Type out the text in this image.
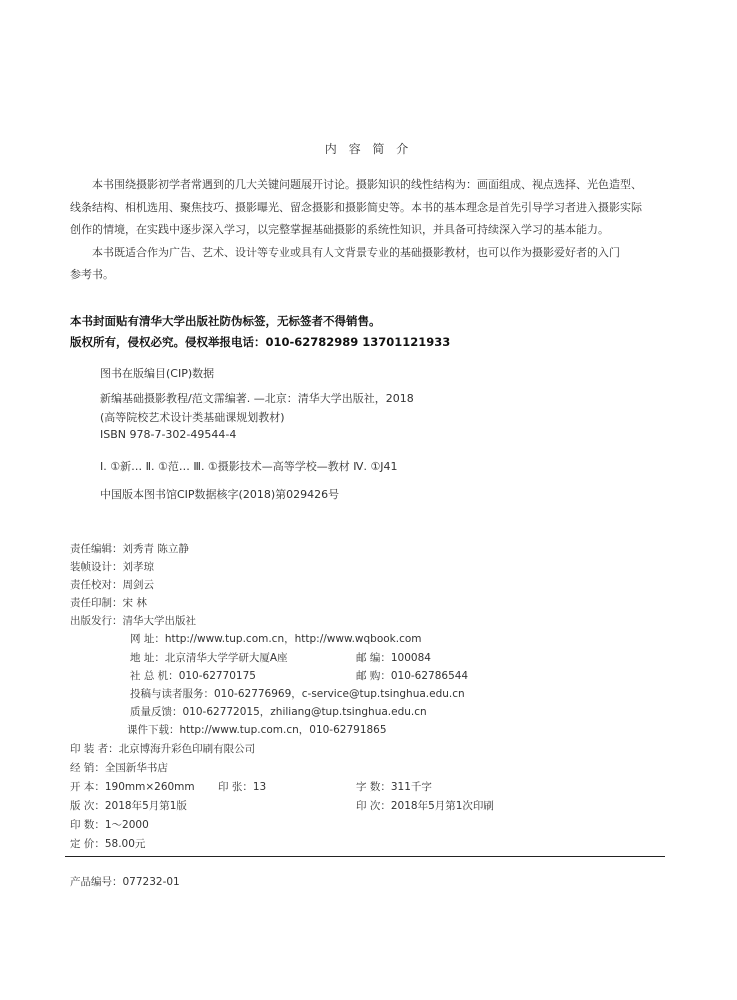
内 容 简 介
本书围绕摄影初学者常遇到的几大关键问题展开讨论。摄影知识的线性结构为：画面组成、视点选择、光色造型、
线条结构、相机选用、聚焦技巧、摄影曝光、留念摄影和摄影简史等。本书的基本理念是首先引导学习者进入摄影实际
创作的情境，在实践中逐步深入学习，以完整掌握基础摄影的系统性知识，并具备可持续深入学习的基本能力。
本书既适合作为广告、艺术、设计等专业或具有人文背景专业的基础摄影教材，也可以作为摄影爱好者的入门
参考书。
本书封面贴有清华大学出版社防伪标签，无标签者不得销售。
版权所有，侵权必究。侵权举报电话：010-62782989 13701121933
图书在版编目(CIP)数据
新编基础摄影教程/范文霈编著. —北京：清华大学出版社，2018
(高等院校艺术设计类基础课规划教材)
ISBN 978-7-302-49544-4
Ⅰ. ①新… Ⅱ. ①范… Ⅲ. ①摄影技术—高等学校—教材 Ⅳ. ①J41
中国版本图书馆CIP数据核字(2018)第029426号
责任编辑：刘秀青 陈立静
装帧设计：刘孝琼
责任校对：周剑云
责任印制：宋 林
出版发行：清华大学出版社
网 址：http://www.tup.com.cn，http://www.wqbook.com
地 址：北京清华大学学研大厦A座	邮 编：100084
社 总 机：010-62770175	邮 购：010-62786544
投稿与读者服务：010-62776969，c-service@tup.tsinghua.edu.cn
质量反馈：010-62772015，zhiliang@tup.tsinghua.edu.cn
课件下载：http://www.tup.com.cn，010-62791865
印 装 者：北京博海升彩色印刷有限公司
经 销：全国新华书店
开 本：190mm×260mm 印 张：13	字 数：311千字
版 次：2018年5月第1版	印 次：2018年5月第1次印刷
印 数：1～2000
定 价：58.00元
产品编号：077232-01
